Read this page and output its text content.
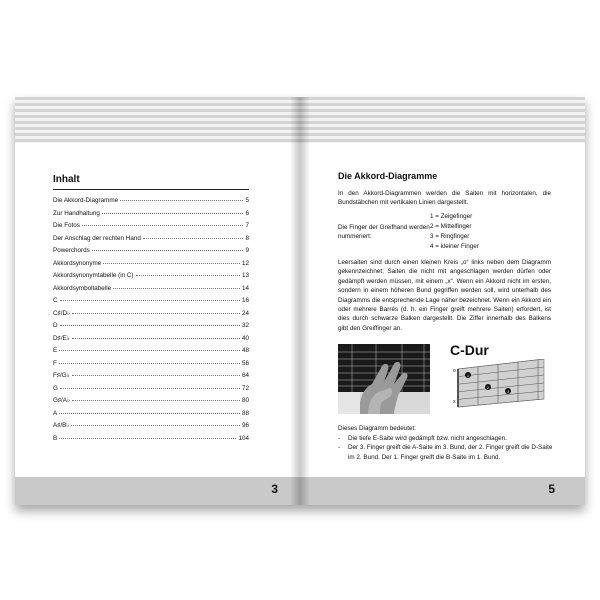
Inhalt
Die Akkord-Diagramme	5
Zur Handhaltung	6
Die Fotos	7
Der Anschlag der rechten Hand	8
Powerchords	9
Akkordsynonyme	12
Akkordsynonymtabelle (in C)	13
Akkordsymboltabelle	14
C	16
C♯/D♭	24
D	32
D♯/E♭	40
E	48
F	56
F♯/G♭	64
G	72
G♯/A♭	80
A	88
A♯/B♭	96
B	104
3
Die Akkord-Diagramme

In den Akkord-Diagrammen werden die Saiten mit horizontalen, die Bundstäbchen mit vertikalen Linien dargestellt.

Die Finger der Greifhand werden nummeriert:
1 = Zeigefinger
2 = Mittelfinger
3 = Ringfinger
4 = kleiner Finger

Leersaiten sind durch einen kleinen Kreis „o“ links neben dem Diagramm gekennzeichnet; Saiten die nicht mit angeschlagen werden dürfen oder gedämpft werden müssen, mit einem „x“. Wenn ein Akkord nicht im ersten, sondern in einem höheren Bund gegriffen werden soll, wird unterhalb des Diagramms die entsprechende Lage näher bezeichnet. Wenn ein Akkord ein oder mehrere Barrés (d. h. ein Finger greift mehrere Saiten) erfordert, ist dies durch schwarze Balken dargestellt. Die Ziffer innerhalb des Balkens gibt den Greiffinger an.

C-Dur
1
2
3
o
x
Dieses Diagramm bedeutet:
-	Die tiefe E-Saite wird gedämpft bzw. nicht angeschlagen.
-	Der 3. Finger greift die A-Saite im 3. Bund, der 2. Finger greift die D-Saite im 2. Bund. Der 1. Finger greift die B-Saite im 1. Bund.
5
